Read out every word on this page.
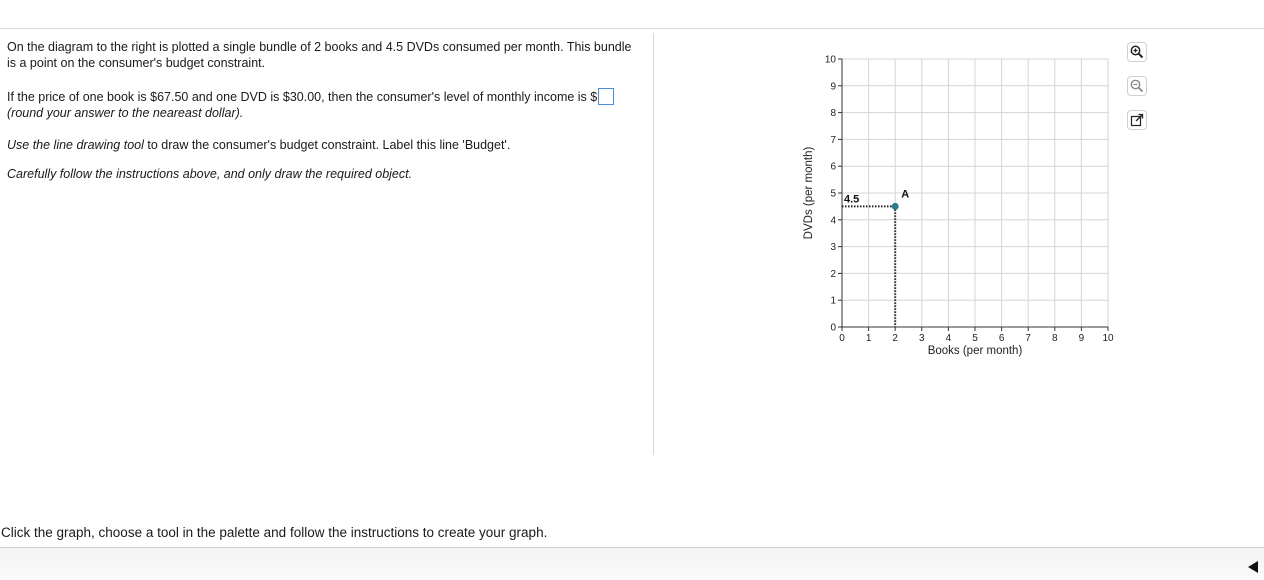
On the diagram to the right is plotted a single bundle of 2 books and 4.5 DVDs consumed per month. This bundle is a point on the consumer's budget constraint.

If the price of one book is $67.50 and one DVD is $30.00, then the consumer's level of monthly income is $
(round your answer to the neareast dollar).

Use the line drawing tool to draw the consumer's budget constraint. Label this line 'Budget'.

Carefully follow the instructions above, and only draw the required object.

0 1 2 3 4 5 6 7 8 9 10
0
1
2
3
4
5
6
7
8
9
10
Books (per month)
DVDs (per month)	4.5	A
Click the graph, choose a tool in the palette and follow the instructions to create your graph.
